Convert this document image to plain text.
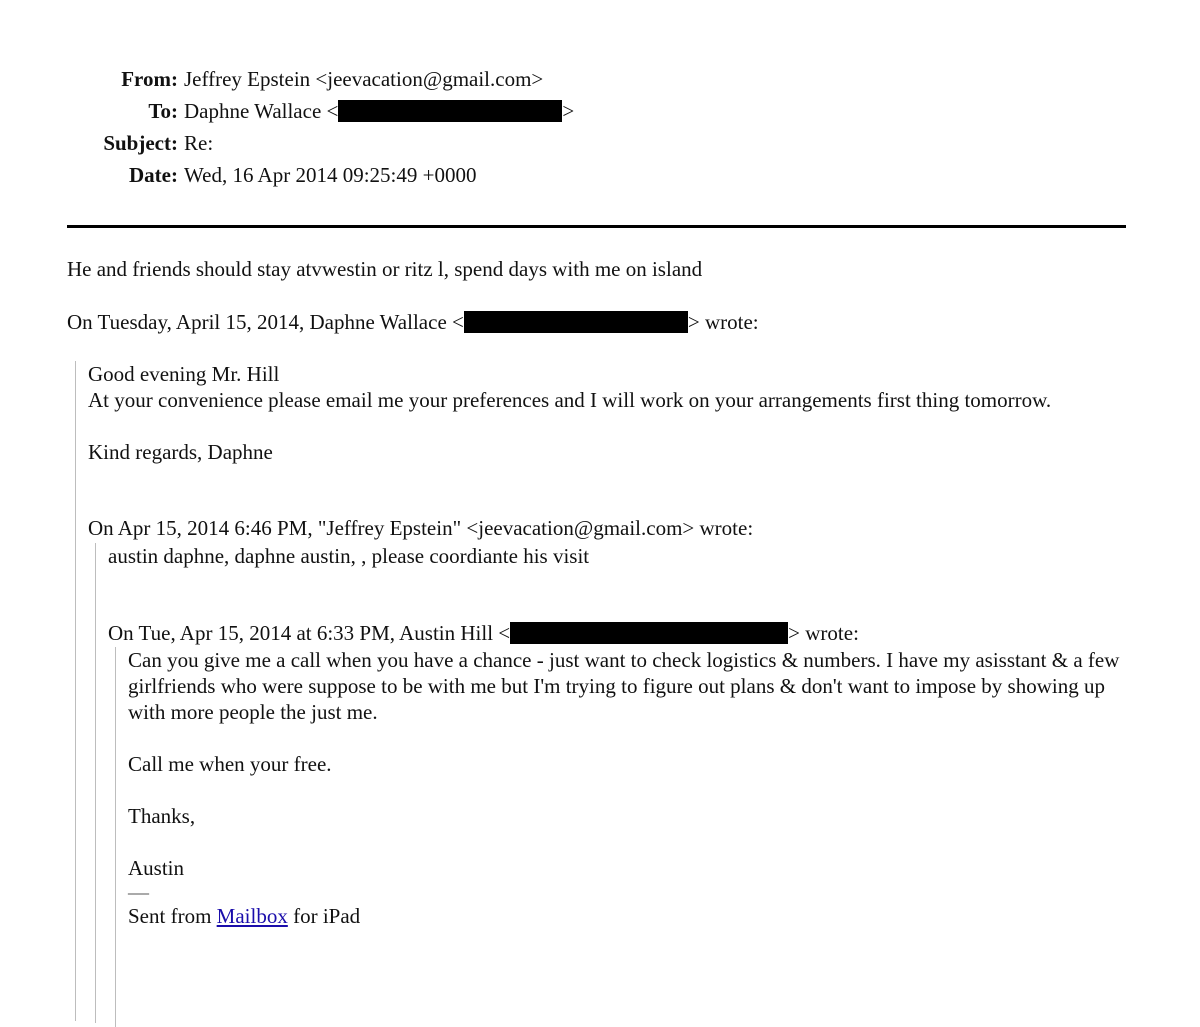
From: Jeffrey Epstein <jeevacation@gmail.com>
To: Daphne Wallace <	>
Subject: Re:
Date: Wed, 16 Apr 2014 09:25:49 +0000

He and friends should stay atvwestin or ritz l, spend days with me on island

On Tuesday, April 15, 2014, Daphne Wallace <	> wrote:

Good evening Mr. Hill

At your convenience please email me your preferences and I will work on your arrangements first thing tomorrow.

Kind regards, Daphne

On Apr 15, 2014 6:46 PM, "Jeffrey Epstein" <jeevacation@gmail.com> wrote:

austin daphne, daphne austin, , please coordiante his visit

On Tue, Apr 15, 2014 at 6:33 PM, Austin Hill <	> wrote:

Can you give me a call when you have a chance - just want to check logistics & numbers. I have my asisstant & a few girlfriends who were suppose to be with me but I'm trying to figure out plans & don't want to impose by showing up with more people the just me.

Call me when your free.

Thanks,

Austin

—

Sent from Mailbox for iPad
